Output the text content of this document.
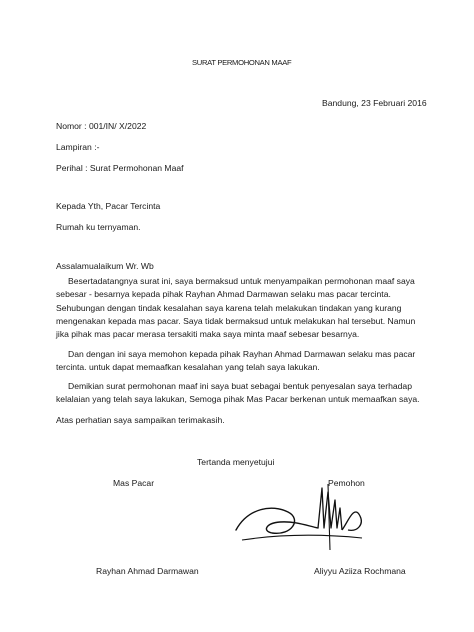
SURAT PERMOHONAN MAAF
Bandung, 23 Februari 2016
Nomor : 001/IN/ X/2022
Lampiran :-
Perihal : Surat Permohonan Maaf
Kepada Yth, Pacar Tercinta
Rumah ku ternyaman.
Assalamualaikum Wr. Wb
Besertadatangnya surat ini, saya bermaksud untuk menyampaikan permohonan maaf saya sebesar - besarnya kepada pihak Rayhan Ahmad Darmawan selaku mas pacar tercinta. Sehubungan dengan tindak kesalahan saya karena telah melakukan tindakan yang kurang mengenakan kepada mas pacar. Saya tidak bermaksud untuk melakukan hal tersebut. Namun jika pihak mas pacar merasa tersakiti maka saya minta maaf sebesar besarnya.
Dan dengan ini saya memohon kepada pihak Rayhan Ahmad Darmawan selaku mas pacar tercinta. untuk dapat memaafkan kesalahan yang telah saya lakukan.
Demikian surat permohonan maaf ini saya buat sebagai bentuk penyesalan saya terhadap kelalaian yang telah saya lakukan, Semoga pihak Mas Pacar berkenan untuk memaafkan saya.
Atas perhatian saya sampaikan terimakasih.
Tertanda menyetujui
Mas Pacar	Pemohon
Rayhan Ahmad Darmawan	Aliyyu Aziiza Rochmana
